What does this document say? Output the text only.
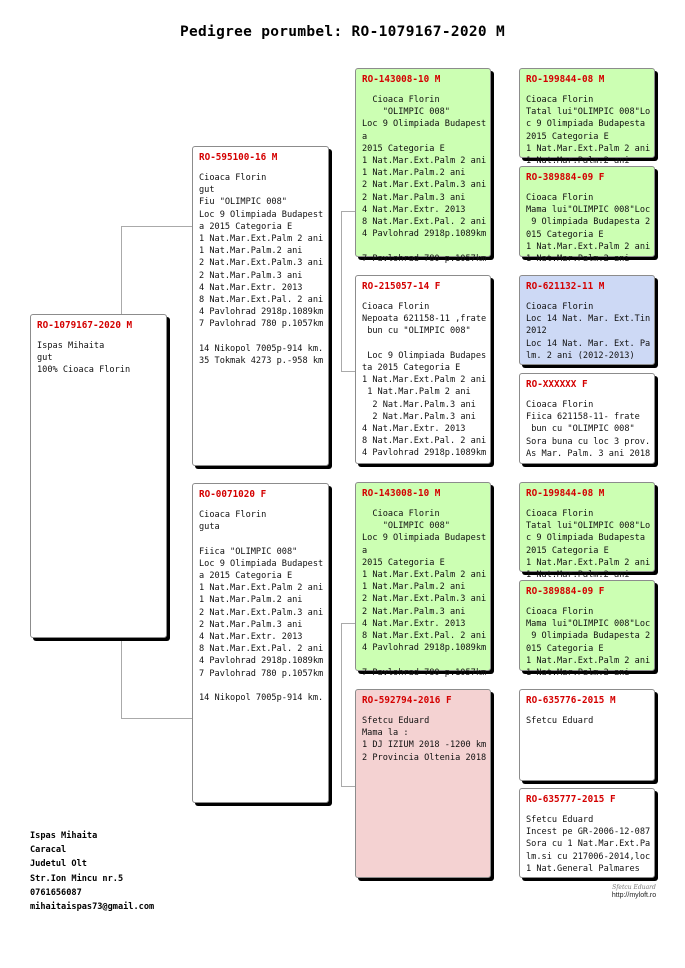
Pedigree porumbel: RO-1079167-2020 M
RO-1079167-2020 M
Ispas Mihaita
gut
100% Cioaca Florin
RO-595100-16 M
Cioaca Florin
gut
Fiu "OLIMPIC 008"
Loc 9 Olimpiada Budapest a 2015 Categoria E
1 Nat.Mar.Ext.Palm 2 ani
1 Nat.Mar.Palm.2 ani
2 Nat.Mar.Ext.Palm.3 ani
2 Nat.Mar.Palm.3 ani
4 Nat.Mar.Extr. 2013
8 Nat.Mar.Ext.Pal. 2 ani
4 Pavlohrad 2918p.1089km
7 Pavlohrad 780 p.1057km

14 Nikopol 7005p-914 km.
35 Tokmak 4273 p.-958 km
RO-0071020 F
Cioaca Florin
guta

Fiica "OLIMPIC 008"
Loc 9 Olimpiada Budapest a 2015 Categoria E
1 Nat.Mar.Ext.Palm 2 ani
1 Nat.Mar.Palm.2 ani
2 Nat.Mar.Ext.Palm.3 ani
2 Nat.Mar.Palm.3 ani
4 Nat.Mar.Extr. 2013
8 Nat.Mar.Ext.Pal. 2 ani
4 Pavlohrad 2918p.1089km
7 Pavlohrad 780 p.1057km

14 Nikopol 7005p-914 km.
RO-143008-10 M
Cioaca Florin
"OLIMPIC 008"
Loc 9 Olimpiada Budapest a
2015 Categoria E
1 Nat.Mar.Ext.Palm 2 ani
1 Nat.Mar.Palm.2 ani
2 Nat.Mar.Ext.Palm.3 ani
2 Nat.Mar.Palm.3 ani
4 Nat.Mar.Extr. 2013
8 Nat.Mar.Ext.Pal. 2 ani
4 Pavlohrad 2918p.1089km

7 Pavlohrad 780 p.1057km
RO-215057-14 F
Cioaca Florin
Nepoata 621158-11 ,frate
bun cu "OLIMPIC 008"

Loc 9 Olimpiada Budapes ta 2015 Categoria E
1 Nat.Mar.Ext.Palm 2 ani
1 Nat.Mar.Palm 2 ani
2 Nat.Mar.Palm.3 ani
2 Nat.Mar.Palm.3 ani
4 Nat.Mar.Extr. 2013
8 Nat.Mar.Ext.Pal. 2 ani
4 Pavlohrad 2918p.1089km
RO-143008-10 M
Cioaca Florin
"OLIMPIC 008"
Loc 9 Olimpiada Budapest a
2015 Categoria E
1 Nat.Mar.Ext.Palm 2 ani
1 Nat.Mar.Palm.2 ani
2 Nat.Mar.Ext.Palm.3 ani
2 Nat.Mar.Palm.3 ani
4 Nat.Mar.Extr. 2013
8 Nat.Mar.Ext.Pal. 2 ani
4 Pavlohrad 2918p.1089km

7 Pavlohrad 780 p.1057km
RO-592794-2016 F
Sfetcu Eduard
Mama la :
1 DJ IZIUM 2018 -1200 km
2 Provincia Oltenia 2018
RO-199844-08 M
Cioaca Florin
Tatal lui"OLIMPIC 008"Lo c 9 Olimpiada Budapesta
2015 Categoria E
1 Nat.Mar.Ext.Palm 2 ani
1 Nat.Mar.Palm.2 ani
RO-389884-09 F
Cioaca Florin
Mama lui"OLIMPIC 008"Loc
9 Olimpiada Budapesta 2 015 Categoria E
1 Nat.Mar.Ext.Palm 2 ani
1 Nat.Mar.Palm.2 ani
RO-621132-11 M
Cioaca Florin
Loc 14 Nat. Mar. Ext.Tin
2012
Loc 14 Nat. Mar. Ext. Pa lm. 2 ani (2012-2013)
RO-XXXXXX F
Cioaca Florin
Fiica 621158-11- frate
bun cu "OLIMPIC 008"
Sora buna cu loc 3 prov.
As Mar. Palm. 3 ani 2018
RO-199844-08 M
Cioaca Florin
Tatal lui"OLIMPIC 008"Lo c 9 Olimpiada Budapesta
2015 Categoria E
1 Nat.Mar.Ext.Palm 2 ani
1 Nat.Mar.Palm.2 ani
RO-389884-09 F
Cioaca Florin
Mama lui"OLIMPIC 008"Loc
9 Olimpiada Budapesta 2 015 Categoria E
1 Nat.Mar.Ext.Palm 2 ani
1 Nat.Mar.Palm.2 ani
RO-635776-2015 M
Sfetcu Eduard
RO-635777-2015 F
Sfetcu Eduard
Incest pe GR-2006-12-087
Sora cu 1 Nat.Mar.Ext.Pa lm.si cu 217006-2014,loc
1 Nat.General Palmares
Ispas Mihaita
Caracal
Judetul Olt
Str.Ion Mincu nr.5
0761656087
mihaitaispas73@gmail.com
Sfetcu Eduard
http://myloft.ro
